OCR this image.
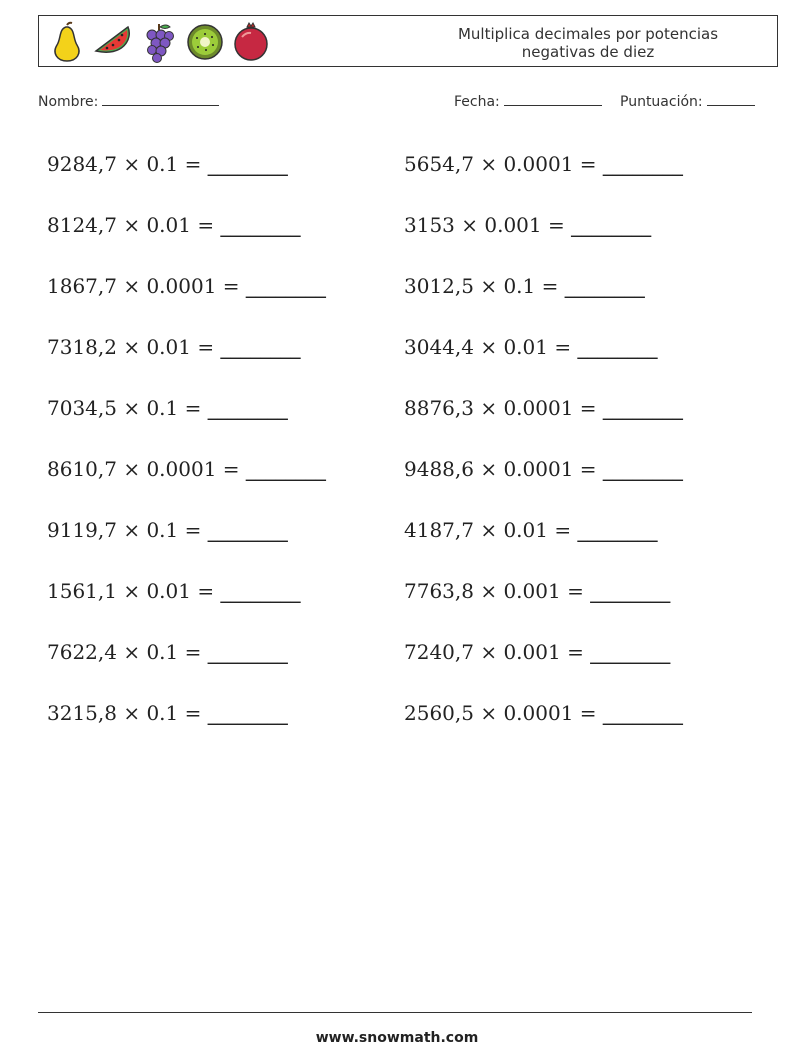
Multiplica decimales por potencias
negativas de diez
Nombre:	Fecha:	Puntuación:
9284,7 × 0.1 = ________
8124,7 × 0.01 = ________
1867,7 × 0.0001 = ________
7318,2 × 0.01 = ________
7034,5 × 0.1 = ________
8610,7 × 0.0001 = ________
9119,7 × 0.1 = ________
1561,1 × 0.01 = ________
7622,4 × 0.1 = ________
3215,8 × 0.1 = ________
5654,7 × 0.0001 = ________
3153 × 0.001 = ________
3012,5 × 0.1 = ________
3044,4 × 0.01 = ________
8876,3 × 0.0001 = ________
9488,6 × 0.0001 = ________
4187,7 × 0.01 = ________
7763,8 × 0.001 = ________
7240,7 × 0.001 = ________
2560,5 × 0.0001 = ________
www.snowmath.com
